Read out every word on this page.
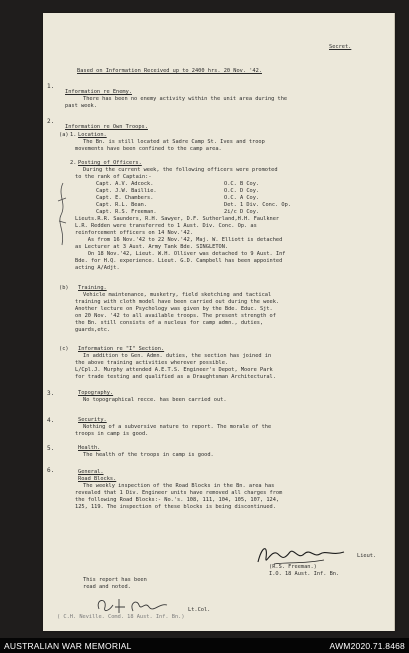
Secret.
Based on Information Received up to 2400 hrs. 20 Nov. '42.
1.
Information re Enemy.
There has been no enemy activity within the unit area during the
past week.
2.
Information re Own Troops.
(a) 1. Location.
The Bn. is still located at Sadre Camp St. Ives and troop
movements have been confined to the camp area.
2. Posting of Officers.
During the current week, the following officers were promoted
to the rank of Captain:-
Capt. A.V. Adcock.	O.C. B Coy.
Capt. J.W. Baillie.	O.C. D Coy.
Capt. E. Chambers.	O.C. A Coy.
Capt. R.L. Bean.	Det. 1 Div. Conc. Op.
Capt. R.S. Freeman.	2i/c D Coy.
Lieuts.R.R. Saunders, R.H. Sawyer, D.F. Sutherland,H.H. Faulkner
L.R. Redden were transferred to 1 Aust. Div. Conc. Op. as
reinforcement officers on 14 Nov.'42.
As from 16 Nov.'42 to 22 Nov.'42, Maj. W. Elliott is detached
as Lecturer at 3 Aust. Army Tank Bde. SINGLETON.
On 18 Nov.'42, Lieut. W.H. Olliver was detached to 9 Aust. Inf
Bde. for H.Q. experience. Lieut. G.D. Campbell has been appointed
acting A/Adjt.
(b) Training.
Vehicle maintenance, musketry, field sketching and tactical
training with cloth model have been carried out during the week.
Another lecture on Psychology was given by the Bde. Educ. Sjt.
on 20 Nov. '42 to all available troops. The present strength of
the Bn. still consists of a nucleus for camp admn., duties,
guards,etc.
(c) Information re "I" Section.
In addition to Gen. Admn. duties, the section has joined in
the above training activities wherever possible.
L/Cpl.J. Murphy attended A.E.T.S. Engineer's Depot, Moore Park
for trade testing and qualified as a Draughtsman Architectural.
3.	Topography.
No topographical recce. has been carried out.
4.	Security.
Nothing of a subversive nature to report. The morale of the
troops in camp is good.
5.	Health.
The health of the troops in camp is good.
6.	General.
Road Blocks.
The weekly inspection of the Road Blocks in the Bn. area has
revealed that 1 Div. Engineer units have removed all charges from
the following Road Blocks:- No.'s. 108, 111, 104, 105, 107, 124,
125, 119. The inspection of these blocks is being discontinued.
Lieut.
(R.S. Freeman.)
I.O. 18 Aust. Inf. Bn.
This report has been
read and noted.
Lt.Col.
( C.H. Neville. Comd. 18 Aust. Inf. Bn.)
AUSTRALIAN WAR MEMORIAL	AWM2020.71.8468
